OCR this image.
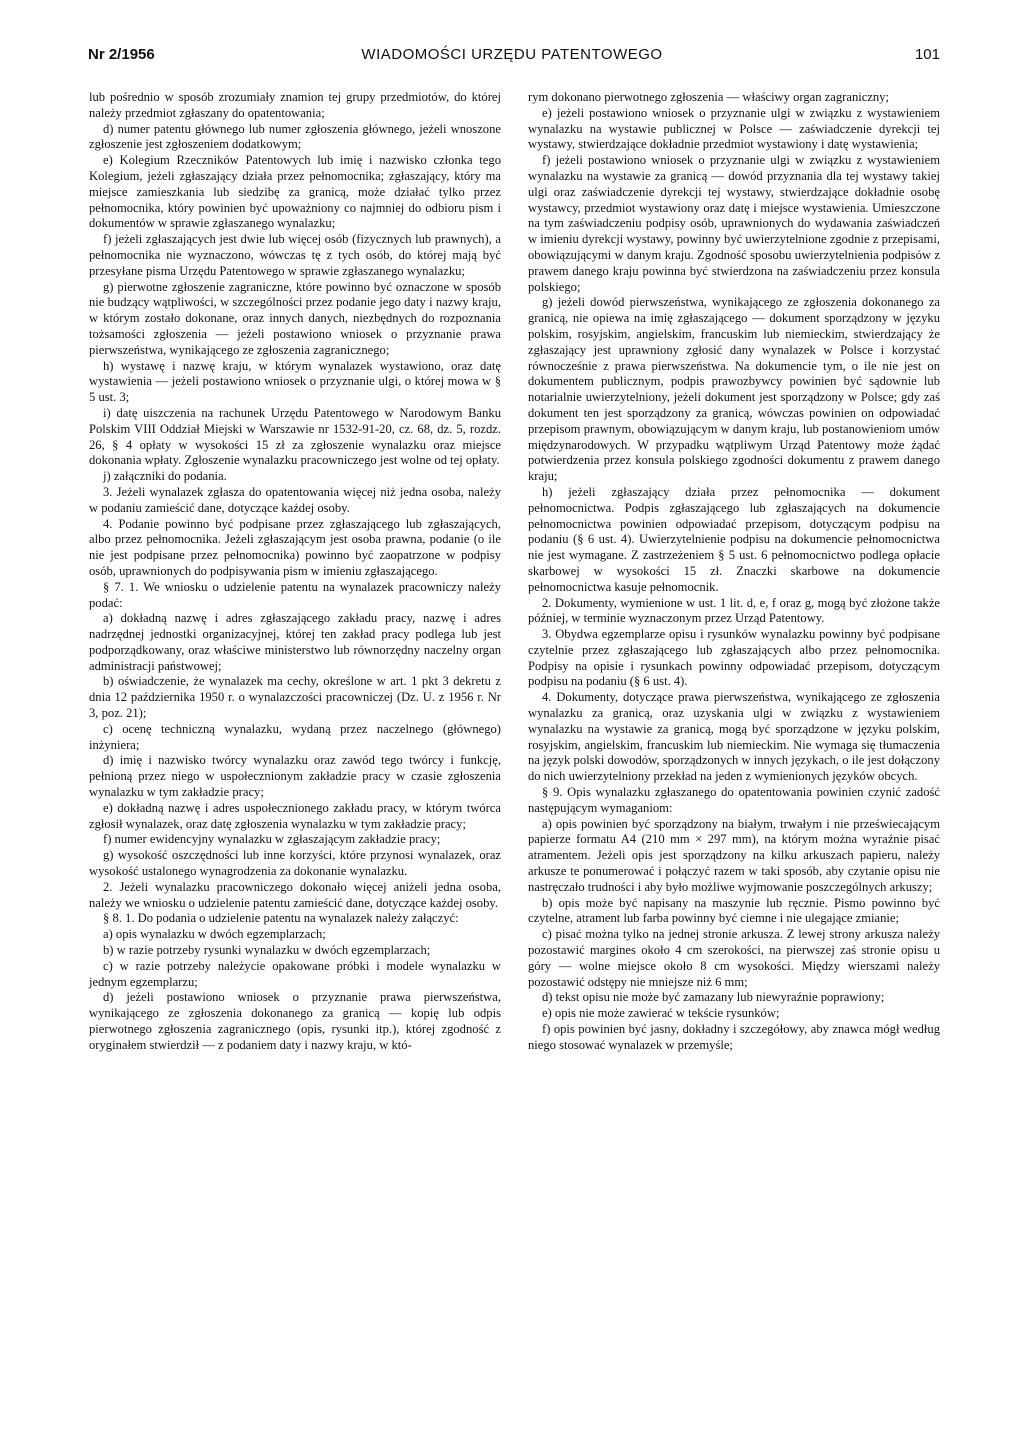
Nr 2/1956	WIADOMOŚCI URZĘDU PATENTOWEGO	101

lub pośrednio w sposób zrozumiały znamion tej grupy przedmiotów, do której należy przedmiot zgłaszany do opatentowania;

d) numer patentu głównego lub numer zgłoszenia głównego, jeżeli wnoszone zgłoszenie jest zgłoszeniem dodatkowym;

e) Kolegium Rzeczników Patentowych lub imię i nazwisko członka tego Kolegium, jeżeli zgłaszający działa przez pełnomocnika; zgłaszający, który ma miejsce zamieszkania lub siedzibę za granicą, może działać tylko przez pełnomocnika, który powinien być upoważniony co najmniej do odbioru pism i dokumentów w sprawie zgłaszanego wynalazku;

f) jeżeli zgłaszających jest dwie lub więcej osób (fizycznych lub prawnych), a pełnomocnika nie wyznaczono, wówczas tę z tych osób, do której mają być przesyłane pisma Urzędu Patentowego w sprawie zgłaszanego wynalazku;

g) pierwotne zgłoszenie zagraniczne, które powinno być oznaczone w sposób nie budzący wątpliwości, w szczególności przez podanie jego daty i nazwy kraju, w którym zostało dokonane, oraz innych danych, niezbędnych do rozpoznania tożsamości zgłoszenia — jeżeli postawiono wniosek o przyznanie prawa pierwszeństwa, wynikającego ze zgłoszenia zagranicznego;

h) wystawę i nazwę kraju, w którym wynalazek wystawiono, oraz datę wystawienia — jeżeli postawiono wniosek o przyznanie ulgi, o której mowa w § 5 ust. 3;

i) datę uiszczenia na rachunek Urzędu Patentowego w Narodowym Banku Polskim VIII Oddział Miejski w Warszawie nr 1532-91-20, cz. 68, dz. 5, rozdz. 26, § 4 opłaty w wysokości 15 zł za zgłoszenie wynalazku oraz miejsce dokonania wpłaty. Zgłoszenie wynalazku pracowniczego jest wolne od tej opłaty.

j) załączniki do podania.

3. Jeżeli wynalazek zgłasza do opatentowania więcej niż jedna osoba, należy w podaniu zamieścić dane, dotyczące każdej osoby.

4. Podanie powinno być podpisane przez zgłaszającego lub zgłaszających, albo przez pełnomocnika. Jeżeli zgłaszającym jest osoba prawna, podanie (o ile nie jest podpisane przez pełnomocnika) powinno być zaopatrzone w podpisy osób, uprawnionych do podpisywania pism w imieniu zgłaszającego.

§ 7. 1. We wniosku o udzielenie patentu na wynalazek pracowniczy należy podać:

a) dokładną nazwę i adres zgłaszającego zakładu pracy, nazwę i adres nadrzędnej jednostki organizacyjnej, której ten zakład pracy podlega lub jest podporządkowany, oraz właściwe ministerstwo lub równorzędny naczelny organ administracji państwowej;

b) oświadczenie, że wynalazek ma cechy, określone w art. 1 pkt 3 dekretu z dnia 12 października 1950 r. o wynalazczości pracowniczej (Dz. U. z 1956 r. Nr 3, poz. 21);

c) ocenę techniczną wynalazku, wydaną przez naczelnego (głównego) inżyniera;

d) imię i nazwisko twórcy wynalazku oraz zawód tego twórcy i funkcję, pełnioną przez niego w uspołecznionym zakładzie pracy w czasie zgłoszenia wynalazku w tym zakładzie pracy;

e) dokładną nazwę i adres uspołecznionego zakładu pracy, w którym twórca zgłosił wynalazek, oraz datę zgłoszenia wynalazku w tym zakładzie pracy;

f) numer ewidencyjny wynalazku w zgłaszającym zakładzie pracy;

g) wysokość oszczędności lub inne korzyści, które przynosi wynalazek, oraz wysokość ustalonego wynagrodzenia za dokonanie wynalazku.

2. Jeżeli wynalazku pracowniczego dokonało więcej aniżeli jedna osoba, należy we wniosku o udzielenie patentu zamieścić dane, dotyczące każdej osoby.

§ 8. 1. Do podania o udzielenie patentu na wynalazek należy załączyć:

a) opis wynalazku w dwóch egzemplarzach;

b) w razie potrzeby rysunki wynalazku w dwóch egzemplarzach;

c) w razie potrzeby należycie opakowane próbki i modele wynalazku w jednym egzemplarzu;

d) jeżeli postawiono wniosek o przyznanie prawa pierwszeństwa, wynikającego ze zgłoszenia dokonanego za granicą — kopię lub odpis pierwotnego zgłoszenia zagranicznego (opis, rysunki itp.), której zgodność z oryginałem stwierdził — z podaniem daty i nazwy kraju, w któ-

rym dokonano pierwotnego zgłoszenia — właściwy organ zagraniczny;

e) jeżeli postawiono wniosek o przyznanie ulgi w związku z wystawieniem wynalazku na wystawie publicznej w Polsce — zaświadczenie dyrekcji tej wystawy, stwierdzające dokładnie przedmiot wystawiony i datę wystawienia;

f) jeżeli postawiono wniosek o przyznanie ulgi w związku z wystawieniem wynalazku na wystawie za granicą — dowód przyznania dla tej wystawy takiej ulgi oraz zaświadczenie dyrekcji tej wystawy, stwierdzające dokładnie osobę wystawcy, przedmiot wystawiony oraz datę i miejsce wystawienia. Umieszczone na tym zaświadczeniu podpisy osób, uprawnionych do wydawania zaświadczeń w imieniu dyrekcji wystawy, powinny być uwierzytelnione zgodnie z przepisami, obowiązującymi w danym kraju. Zgodność sposobu uwierzytelnienia podpisów z prawem danego kraju powinna być stwierdzona na zaświadczeniu przez konsula polskiego;

g) jeżeli dowód pierwszeństwa, wynikającego ze zgłoszenia dokonanego za granicą, nie opiewa na imię zgłaszającego — dokument sporządzony w języku polskim, rosyjskim, angielskim, francuskim lub niemieckim, stwierdzający że zgłaszający jest uprawniony zgłosić dany wynalazek w Polsce i korzystać równocześnie z prawa pierwszeństwa. Na dokumencie tym, o ile nie jest on dokumentem publicznym, podpis prawozbywcy powinien być sądownie lub notarialnie uwierzytelniony, jeżeli dokument jest sporządzony w Polsce; gdy zaś dokument ten jest sporządzony za granicą, wówczas powinien on odpowiadać przepisom prawnym, obowiązującym w danym kraju, lub postanowieniom umów międzynarodowych. W przypadku wątpliwym Urząd Patentowy może żądać potwierdzenia przez konsula polskiego zgodności dokumentu z prawem danego kraju;

h) jeżeli zgłaszający działa przez pełnomocnika — dokument pełnomocnictwa. Podpis zgłaszającego lub zgłaszających na dokumencie pełnomocnictwa powinien odpowiadać przepisom, dotyczącym podpisu na podaniu (§ 6 ust. 4). Uwierzytelnienie podpisu na dokumencie pełnomocnictwa nie jest wymagane. Z zastrzeżeniem § 5 ust. 6 pełnomocnictwo podlega opłacie skarbowej w wysokości 15 zł. Znaczki skarbowe na dokumencie pełnomocnictwa kasuje pełnomocnik.

2. Dokumenty, wymienione w ust. 1 lit. d, e, f oraz g, mogą być złożone także później, w terminie wyznaczonym przez Urząd Patentowy.

3. Obydwa egzemplarze opisu i rysunków wynalazku powinny być podpisane czytelnie przez zgłaszającego lub zgłaszających albo przez pełnomocnika. Podpisy na opisie i rysunkach powinny odpowiadać przepisom, dotyczącym podpisu na podaniu (§ 6 ust. 4).

4. Dokumenty, dotyczące prawa pierwszeństwa, wynikającego ze zgłoszenia wynalazku za granicą, oraz uzyskania ulgi w związku z wystawieniem wynalazku na wystawie za granicą, mogą być sporządzone w języku polskim, rosyjskim, angielskim, francuskim lub niemieckim. Nie wymaga się tłumaczenia na język polski dowodów, sporządzonych w innych językach, o ile jest dołączony do nich uwierzytelniony przekład na jeden z wymienionych języków obcych.

§ 9. Opis wynalazku zgłaszanego do opatentowania powinien czynić zadość następującym wymaganiom:

a) opis powinien być sporządzony na białym, trwałym i nie przeświecającym papierze formatu A4 (210 mm × 297 mm), na którym można wyraźnie pisać atramentem. Jeżeli opis jest sporządzony na kilku arkuszach papieru, należy arkusze te ponumerować i połączyć razem w taki sposób, aby czytanie opisu nie nastręczało trudności i aby było możliwe wyjmowanie poszczególnych arkuszy;

b) opis może być napisany na maszynie lub ręcznie. Pismo powinno być czytelne, atrament lub farba powinny być ciemne i nie ulegające zmianie;

c) pisać można tylko na jednej stronie arkusza. Z lewej strony arkusza należy pozostawić margines około 4 cm szerokości, na pierwszej zaś stronie opisu u góry — wolne miejsce około 8 cm wysokości. Między wierszami należy pozostawić odstępy nie mniejsze niż 6 mm;

d) tekst opisu nie może być zamazany lub niewyraźnie poprawiony;

e) opis nie może zawierać w tekście rysunków;

f) opis powinien być jasny, dokładny i szczegółowy, aby znawca mógł według niego stosować wynalazek w przemyśle;
